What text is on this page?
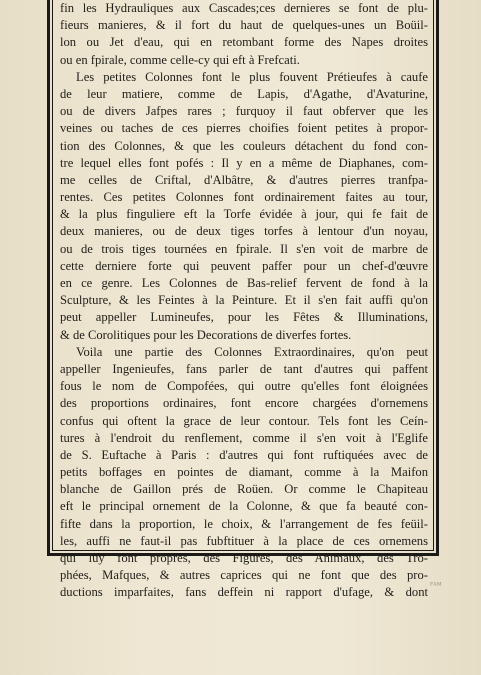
fin les Hydrauliques aux Cascades;ces dernieres se font de plu-
fieurs manieres, & il fort du haut de quelques-unes un Boüil-
lon ou Jet d'eau, qui en retombant forme des Napes droites
ou en fpirale, comme celle-cy qui eft à Frefcati.
Les petites Colonnes font le plus fouvent Prétieufes à caufe
de leur matiere, comme de Lapis, d'Agathe, d'Avaturine,
ou de divers Jafpes rares ; furquoy il faut obferver que les
veines ou taches de ces pierres choifies foient petites à propor-
tion des Colonnes, & que les couleurs détachent du fond con-
tre lequel elles font pofés : Il y en a même de Diaphanes, com-
me celles de Criftal, d'Albâtre, & d'autres pierres tranfpa-
rentes. Ces petites Colonnes font ordinairement faites au tour,
& la plus finguliere eft la Torfe évidée à jour, qui fe fait de
deux manieres, ou de deux tiges torfes à lentour d'un noyau,
ou de trois tiges tournées en fpirale. Il s'en voit de marbre de
cette derniere forte qui peuvent paffer pour un chef-d'œuvre
en ce genre. Les Colonnes de Bas-relief fervent de fond à la
Sculpture, & les Feintes à la Peinture. Et il s'en fait auffi qu'on
peut appeller Lumineufes, pour les Fêtes & Illuminations,
& de Corolitiques pour les Decorations de diverfes fortes.
Voila une partie des Colonnes Extraordinaires, qu'on peut
appeller Ingenieufes, fans parler de tant d'autres qui paffent
fous le nom de Compofées, qui outre qu'elles font éloignées
des proportions ordinaires, font encore chargées d'ornemens
confus qui oftent la grace de leur contour. Tels font les Ceín-
tures à l'endroit du renflement, comme il s'en voit à l'Eglife
de S. Euftache à Paris : d'autres qui font ruftiquées avec de
petits boffages en pointes de diamant, comme à la Maifon
blanche de Gaillon prés de Roüen. Or comme le Chapiteau
eft le principal ornement de la Colonne, & que fa beauté con-
fifte dans la proportion, le choix, & l'arrangement de fes feüil-
les, auffi ne faut-il pas fubftituer à la place de ces ornemens
qui luy font propres, des Figures, des Animaux, des Tro-
phées, Mafques, & autres caprices qui ne font que des pro-
ductions imparfaites, fans deffein ni rapport d'ufage, & dont
ᴾᴬᴹ
